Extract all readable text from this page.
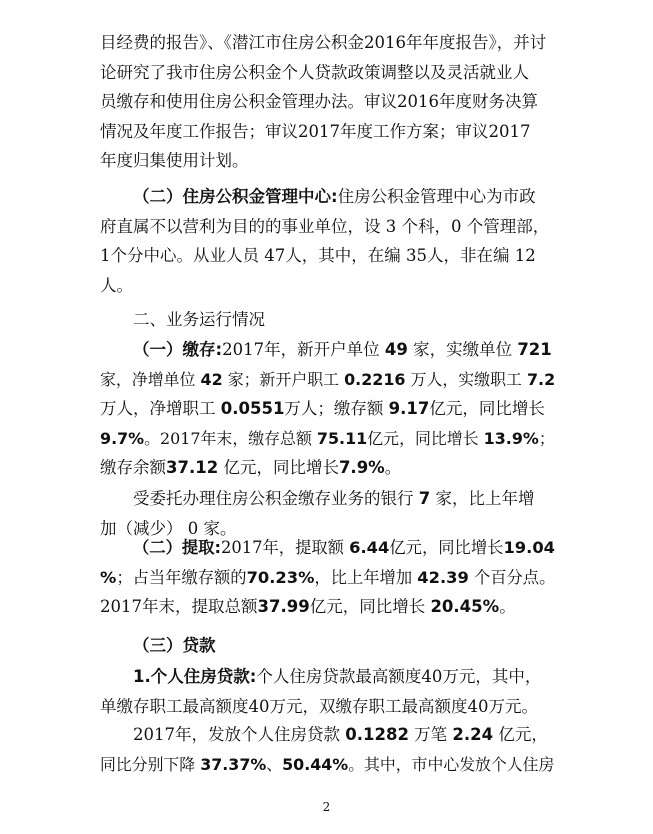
目经费的报告》、《潜江市住房公积金2016年年度报告》，并讨
论研究了我市住房公积金个人贷款政策调整以及灵活就业人
员缴存和使用住房公积金管理办法。审议2016年度财务决算
情况及年度工作报告；审议2017年度工作方案；审议2017
年度归集使用计划。
（二）住房公积金管理中心:住房公积金管理中心为市政
府直属不以营利为目的的事业单位，设 3 个科，0 个管理部，
1个分中心。从业人员 47人，其中，在编 35人，非在编 12
人。
二、业务运行情况
（一）缴存:2017年，新开户单位 49 家，实缴单位 721
家，净增单位 42 家；新开户职工 0.2216 万人，实缴职工 7.2
万人，净增职工 0.0551万人；缴存额 9.17亿元，同比增长
9.7%。2017年末，缴存总额 75.11亿元，同比增长 13.9%；
缴存余额37.12 亿元，同比增长7.9%。
受委托办理住房公积金缴存业务的银行 7 家，比上年增
加（减少） 0 家。
（二）提取:2017年，提取额 6.44亿元，同比增长19.04
%；占当年缴存额的70.23%，比上年增加 42.39 个百分点。
2017年末，提取总额37.99亿元，同比增长 20.45%。
（三）贷款
1.个人住房贷款:个人住房贷款最高额度40万元，其中，
单缴存职工最高额度40万元，双缴存职工最高额度40万元。
2017年，发放个人住房贷款 0.1282 万笔 2.24 亿元，
同比分别下降 37.37%、50.44%。其中，市中心发放个人住房
2
